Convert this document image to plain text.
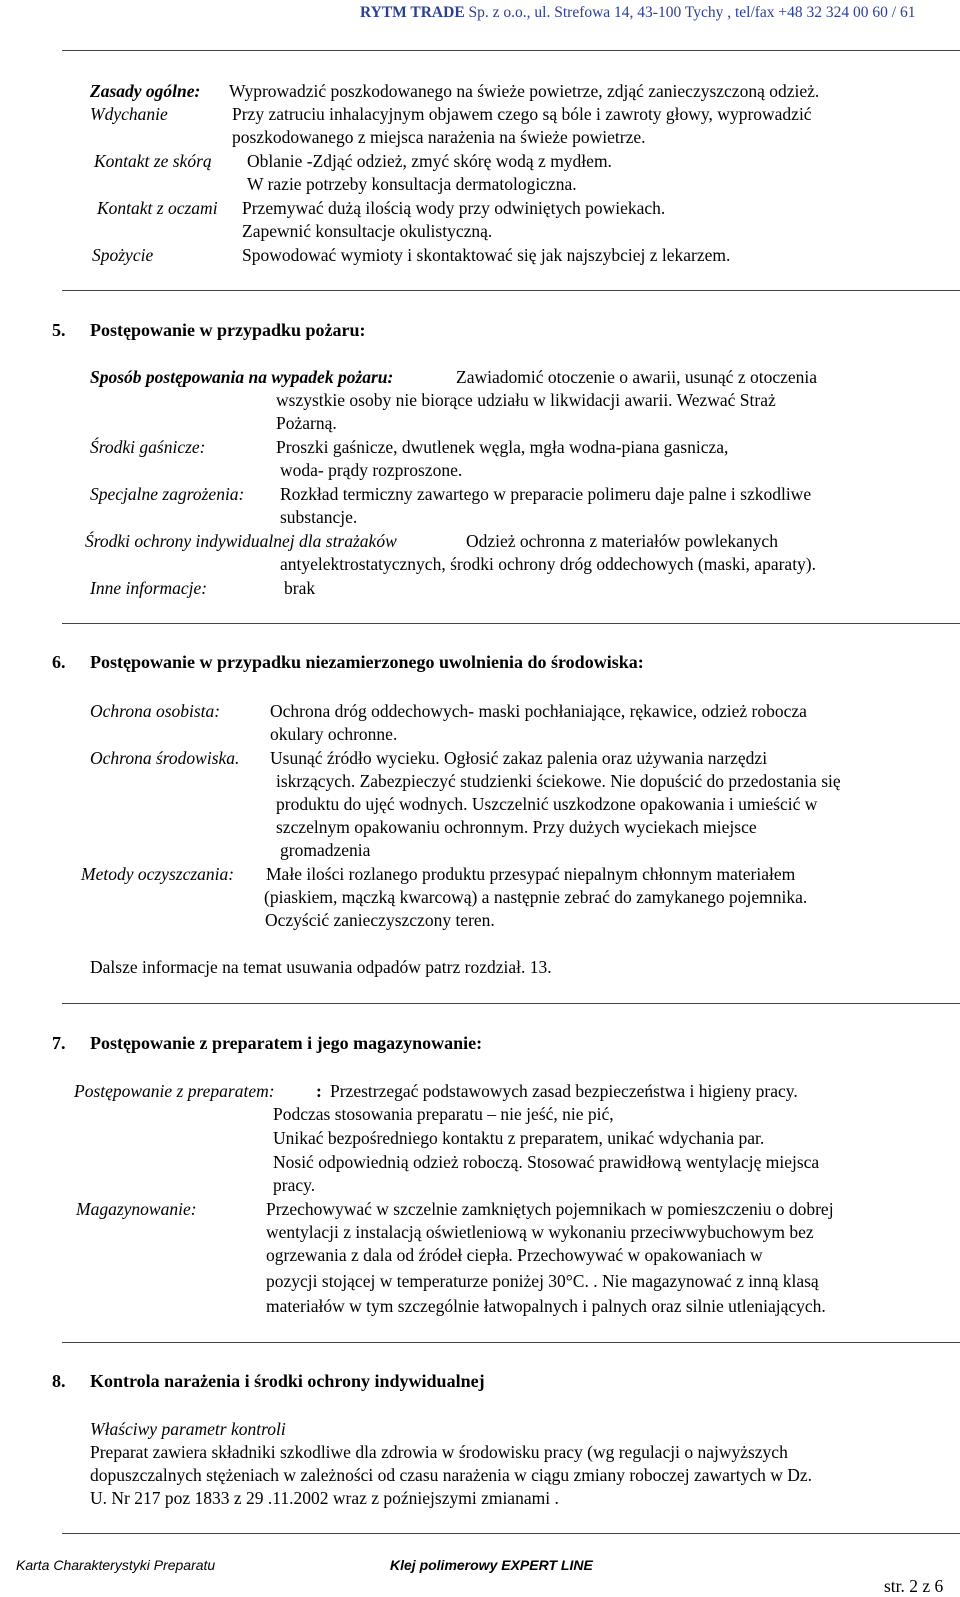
RYTM TRADE Sp. z o.o., ul. Strefowa 14, 43-100 Tychy , tel/fax +48 32 324 00 60 / 61
Zasady ogólne: Wyprowadzić poszkodowanego na świeże powietrze, zdjąć zanieczyszczoną odzież.
Wdychanie	Przy zatruciu inhalacyjnym objawem czego są bóle i zawroty głowy, wyprowadzić
poszkodowanego z miejsca narażenia na świeże powietrze.
Kontakt ze skórą Oblanie -Zdjąć odzież, zmyć skórę wodą z mydłem.
W razie potrzeby konsultacja dermatologiczna.
Kontakt z oczami Przemywać dużą ilością wody przy odwiniętych powiekach.
Zapewnić konsultacje okulistyczną.
Spożycie	Spowodować wymioty i skontaktować się jak najszybciej z lekarzem.
5. Postępowanie w przypadku pożaru:
Sposób postępowania na wypadek pożaru:	Zawiadomić otoczenie o awarii, usunąć z otoczenia
wszystkie osoby nie biorące udziału w likwidacji awarii. Wezwać Straż
Pożarną.
Środki gaśnicze:	Proszki gaśnicze, dwutlenek węgla, mgła wodna-piana gasnicza,
woda- prądy rozproszone.
Specjalne zagrożenia: Rozkład termiczny zawartego w preparacie polimeru daje palne i szkodliwe
substancje.
Środki ochrony indywidualnej dla strażaków	Odzież ochronna z materiałów powlekanych
antyelektrostatycznych, środki ochrony dróg oddechowych (maski, aparaty).
Inne informacje:	brak
6. Postępowanie w przypadku niezamierzonego uwolnienia do środowiska:
Ochrona osobista:	Ochrona dróg oddechowych- maski pochłaniające, rękawice, odzież robocza
okulary ochronne.
Ochrona środowiska. Usunąć źródło wycieku. Ogłosić zakaz palenia oraz używania narzędzi
iskrzących. Zabezpieczyć studzienki ściekowe. Nie dopuścić do przedostania się
produktu do ujęć wodnych. Uszczelnić uszkodzone opakowania i umieścić w
szczelnym opakowaniu ochronnym. Przy dużych wyciekach miejsce
gromadzenia
Metody oczyszczania: Małe ilości rozlanego produktu przesypać niepalnym chłonnym materiałem
(piaskiem, mączką kwarcową) a następnie zebrać do zamykanego pojemnika.
Oczyścić zanieczyszczony teren.
Dalsze informacje na temat usuwania odpadów patrz rozdział. 13.
7. Postępowanie z preparatem i jego magazynowanie:
Postępowanie z preparatem: : Przestrzegać podstawowych zasad bezpieczeństwa i higieny pracy.
Podczas stosowania preparatu – nie jeść, nie pić,
Unikać bezpośredniego kontaktu z preparatem, unikać wdychania par.
Nosić odpowiednią odzież roboczą. Stosować prawidłową wentylację miejsca
pracy.
Magazynowanie:	Przechowywać w szczelnie zamkniętych pojemnikach w pomieszczeniu o dobrej
wentylacji z instalacją oświetleniową w wykonaniu przeciwwybuchowym bez
ogrzewania z dala od źródeł ciepła. Przechowywać w opakowaniach w
pozycji stojącej w temperaturze poniżej 30°C. . Nie magazynować z inną klasą
materiałów w tym szczególnie łatwopalnych i palnych oraz silnie utleniających.
8. Kontrola narażenia i środki ochrony indywidualnej
Właściwy parametr kontroli
Preparat zawiera składniki szkodliwe dla zdrowia w środowisku pracy (wg regulacji o najwyższych
dopuszczalnych stężeniach w zależności od czasu narażenia w ciągu zmiany roboczej zawartych w Dz.
U. Nr 217 poz 1833 z 29 .11.2002 wraz z poźniejszymi zmianami .
Karta Charakterystyki Preparatu	Klej polimerowy EXPERT LINE
str. 2 z 6
